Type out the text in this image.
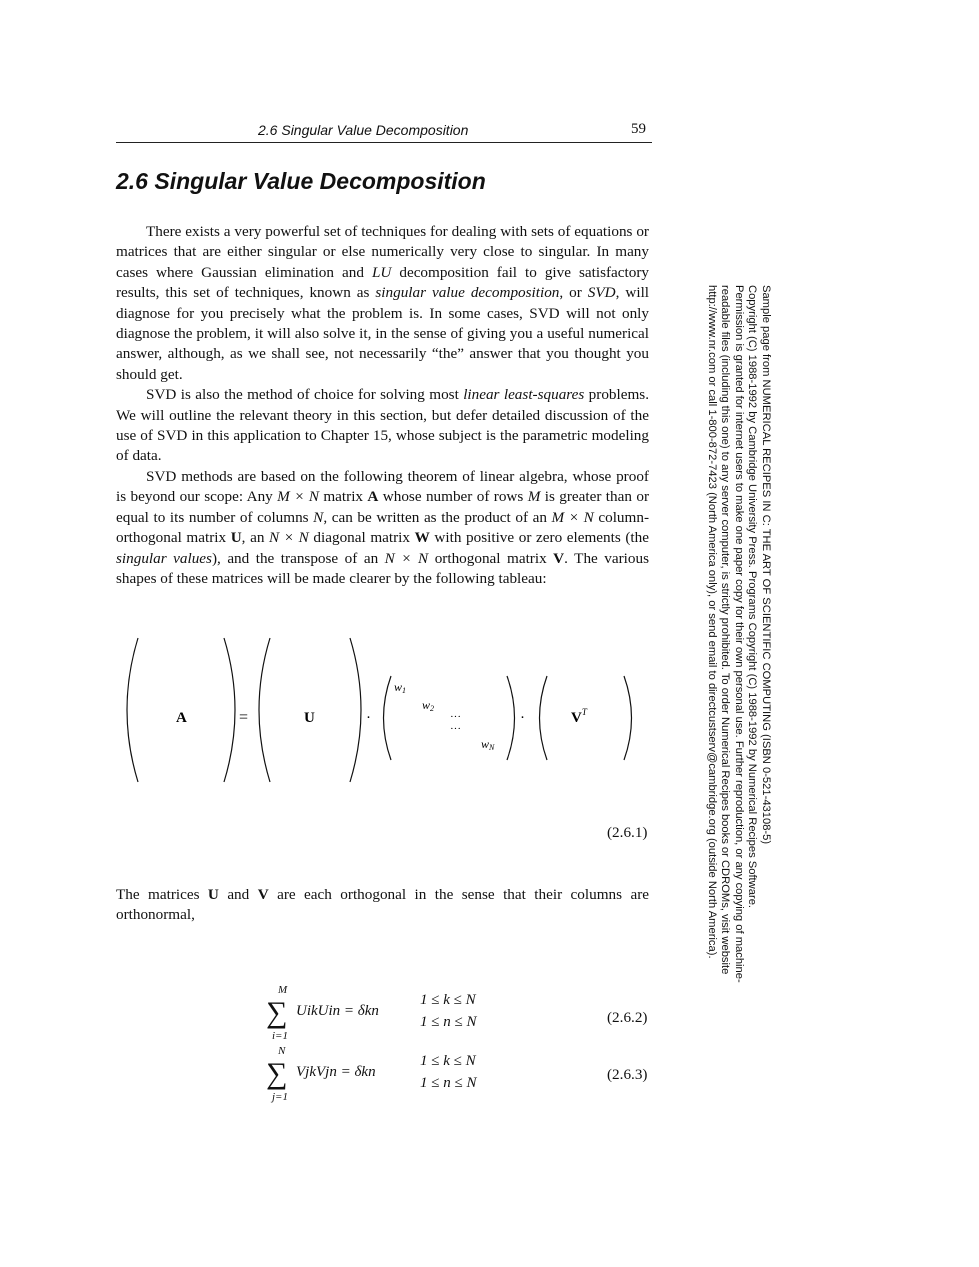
2.6 Singular Value Decomposition	59
2.6 Singular Value Decomposition

There exists a very powerful set of techniques for dealing with sets of equations or matrices that are either singular or else numerically very close to singular. In many cases where Gaussian elimination and LU decomposition fail to give satisfactory results, this set of techniques, known as singular value decomposition, or SVD, will diagnose for you precisely what the problem is. In some cases, SVD will not only diagnose the problem, it will also solve it, in the sense of giving you a useful numerical answer, although, as we shall see, not necessarily “the” answer that you thought you should get.

SVD is also the method of choice for solving most linear least-squares problems. We will outline the relevant theory in this section, but defer detailed discussion of the use of SVD in this application to Chapter 15, whose subject is the parametric modeling of data.

SVD methods are based on the following theorem of linear algebra, whose proof is beyond our scope: Any M × N matrix A whose number of rows M is greater than or equal to its number of columns N, can be written as the product of an M × N column-orthogonal matrix U, an N × N diagonal matrix W with positive or zero elements (the singular values), and the transpose of an N × N orthogonal matrix V. The various shapes of these matrices will be made clearer by the following tableau:

A	=	U	·
w1
w2
···
···
wN
·	$V^T$
(2.6.1)
The matrices U and V are each orthogonal in the sense that their columns are orthonormal,
M
∑
i=1
UikUin = δkn
1 ≤ k ≤ N
1 ≤ n ≤ N	(2.6.2)
N
∑
j=1
VjkVjn = δkn
1 ≤ k ≤ N
1 ≤ n ≤ N	(2.6.3)
Sample page from NUMERICAL RECIPES IN C: THE ART OF SCIENTIFIC COMPUTING (ISBN 0-521-43108-5)
Copyright (C) 1988-1992 by Cambridge University Press. Programs Copyright (C) 1988-1992 by Numerical Recipes Software.
Permission is granted for internet users to make one paper copy for their own personal use. Further reproduction, or any copying of machine-
readable files (including this one) to any server computer, is strictly prohibited. To order Numerical Recipes books or CDROMs, visit website
http://www.nr.com or call 1-800-872-7423 (North America only), or send email to directcustserv@cambridge.org (outside North America).
